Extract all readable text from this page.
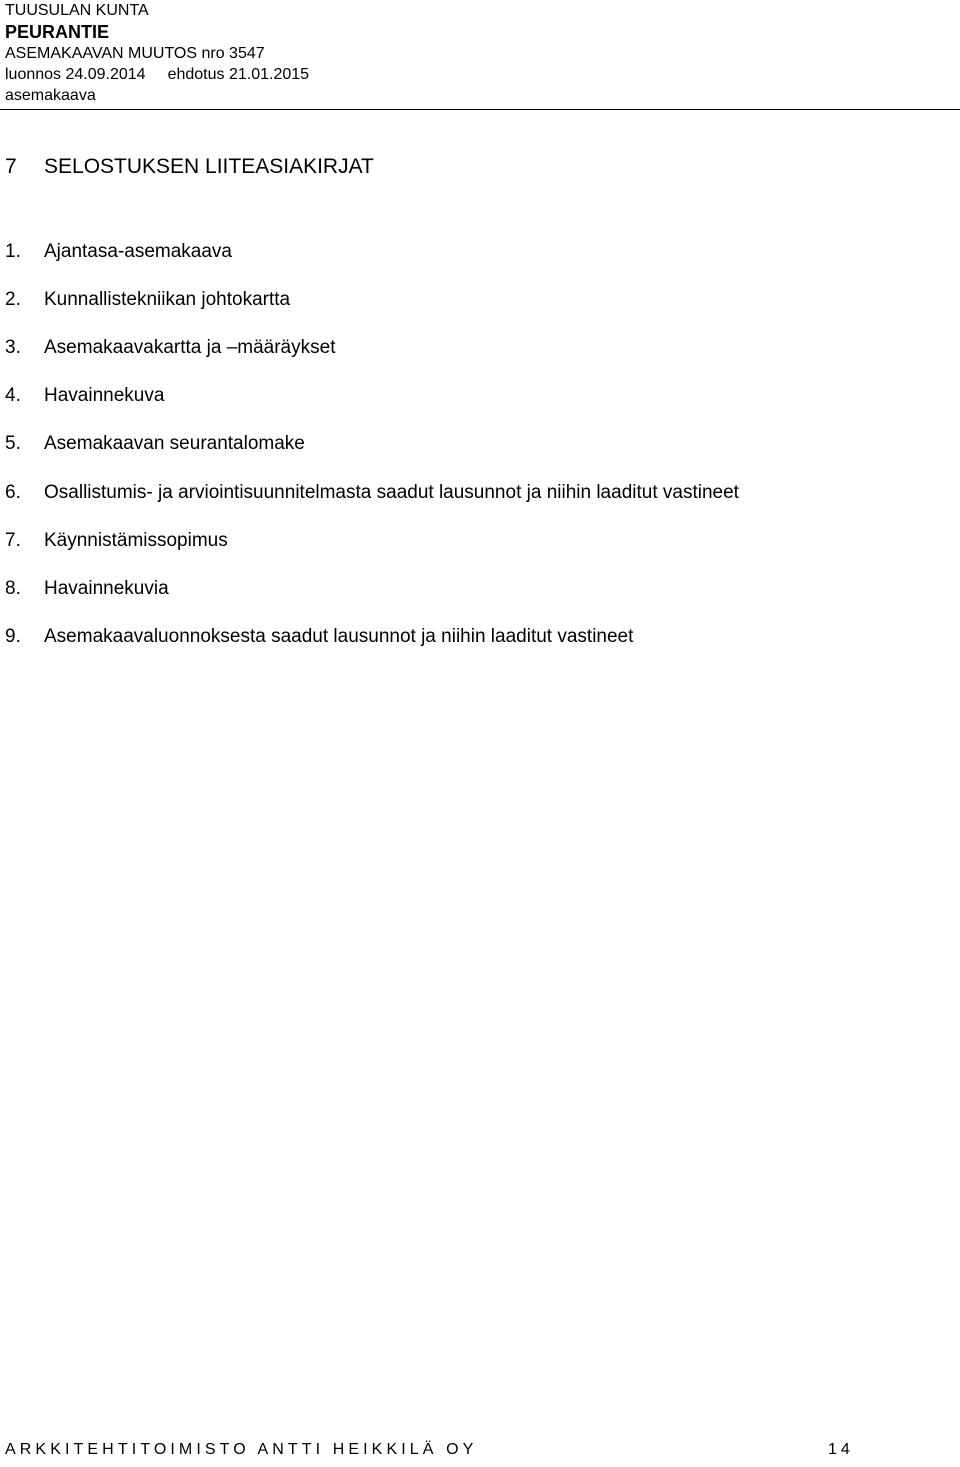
TUUSULAN KUNTA
PEURANTIE
ASEMAKAAVAN MUUTOS nro 3547
luonnos 24.09.2014 ehdotus 21.01.2015
asemakaava
7 SELOSTUKSEN LIITEASIAKIRJAT
1. Ajantasa-asemakaava
2. Kunnallistekniikan johtokartta
3. Asemakaavakartta ja –määräykset
4. Havainnekuva
5. Asemakaavan seurantalomake
6. Osallistumis- ja arviointisuunnitelmasta saadut lausunnot ja niihin laaditut vastineet
7. Käynnistämissopimus
8. Havainnekuvia
9. Asemakaavaluonnoksesta saadut lausunnot ja niihin laaditut vastineet
ARKKITEHTITOIMISTO ANTTI HEIKKILÄ OY	14
